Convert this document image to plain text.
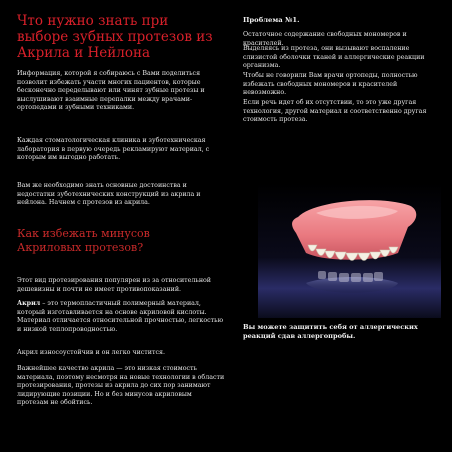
Что нужно знать при выборе зубных протезов из Акрила и Нейлона

Информация, которой я собираюсь с Вами поделиться позволит избежать участи многих пациентов, которые бесконечно переделывают или чинят зубные протезы и выслушивают взаимные перепалки между врачами-ортопедами и зубными техниками.

Каждая стоматологическая клиника и зуботехническая лаборатория в первую очередь рекламируют материал, с которым им выгодно работать.

Вам же необходимо знать основные достоинства и недостатки зуботехнических конструкций из акрила и нейлона. Начнем с протезов из акрила.

Как избежать минусов Акриловых протезов?

Этот вид протезирования популярен из за относительной дешевизны и почти не имеет противопоказаний.

Акрил – это термопластичный полимерный материал, который изготавливается на основе акриловой кислоты. Материал отличается относительной прочностью, легкостью и низкой теплопроводностью.

Акрил износоустойчив и он легко чистится.

Важнейшее качество акрила — это низкая стоимость материала, поэтому несмотря на новые технологии в области протезирования, протезы из акрила до сих пор занимают лидирующие позиции. Но и без минусов акриловым протезам не обойтись.

Проблема №1.

Остаточное содержание свободных мономеров и красителей.

Выделяясь из протеза, они вызывают воспаление слизистой оболочки тканей и аллергические реакции организма.

Чтобы не говорили Вам врачи ортопеды, полностью избежать свободных мономеров и красителей невозможно.

Если речь идет об их отсутствии, то это уже другая технология, другой материал и соответственно другая стоимость протеза.

Вы можете защитить себя от аллергических реакций сдав аллергопробы.
